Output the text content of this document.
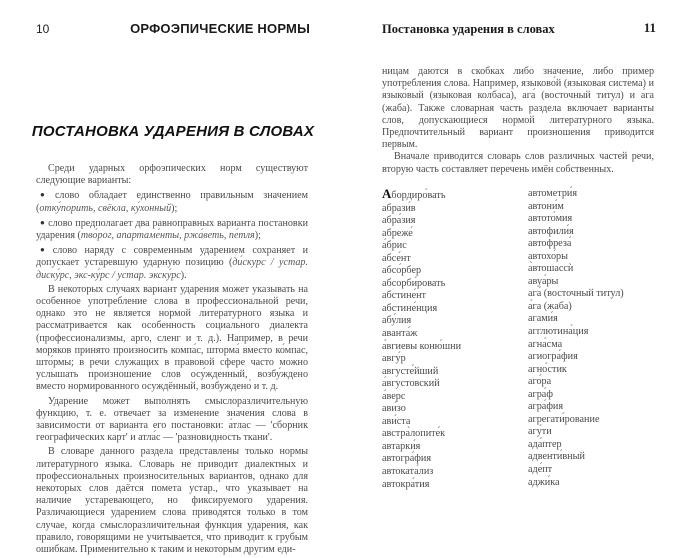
10	ОРФОЭПИЧЕСКИЕ НОРМЫ
ПОСТАНОВКА УДАРЕНИЯ В СЛОВАХ

Среди ударных орфоэпических норм существуют следующие варианты:

● слово обладает единственно правильным значением (отку́порить, свёкла, ку́хонный);

● слово предполагает два равноправных варианта постановки ударения (тво́рог, апартаме́нты, ржа́веть, пе́тля);

● слово наряду с современным ударением сохраняет и допускает устаревшую ударную позицию (ди́скурс / устар. диску́рс, экс-ку́рс / устар. экску́рс).

В некоторых случаях вариант ударения может указывать на особенное употребление слова в профессиональной речи, однако это не является нормой литературного языка и рассматривается как особенность социального диалекта (профессионализмы, арго, сленг и т. д.). Например, в речи моряков принято произносить компа́с, шторма́ вместо ко́мпас, што́рмы; в речи служащих в правовой сфере часто можно услышать произношение слов осу́жденный, возбу́ждено вместо нормированного осуждённый, возбуждено́ и т. д.

Ударение может выполнять смыслоразличительную функцию, т. е. отвечает за изменение значения слова в зависимости от варианта его постановки: а́тлас — 'сборник географических карт' и атла́с — 'разновидность ткани'.

В словаре данного раздела представлены только нормы литературного языка. Словарь не приводит диалектных и профессиональных произносительных вариантов, однако для некоторых слов даётся помета устар., что указывает на наличие устаревающего, но фиксируемого ударения. Различающиеся ударением слова приводятся только в том случае, когда смыслоразличительная функция ударения, как правило, говорящими не учитывается, что приводит к грубым ошибкам. Применительно к таким и некоторым другим еди-

Постановка ударения в словах	11

ницам даются в скобках либо значение, либо пример употребления слова. Например, языково́й (языковая система) и языко́вый (языковая колбаса), ага́ (восточный титул) и а́га (жаба). Также словарная часть раздела включает варианты слов, допускающиеся нормой литературного языка. Предпочтительный вариант произношения приводится первым.

Вначале приводится словарь слов различных частей речи, вторую часть составляет перечень имён собственных.

Абордиро́вать
абрази́в
абра́зия
абреже́
а́брис
абсе́нт
абсо́рбер
абсорби́ровать
абстине́нт
абстине́нция
абу́лия
аванта́ж
а́вгиевы коню́шни
авгу́р
августе́йший
а́вгустовский
а́верс
ави́зо
ави́ста
австра̀лопите́к
автарки́я
автогра́фия
автоката́лиз
автокра́тия
автометри́я
автони́м
автото́мия
автофили́я
автофреза́
автохо́ры
а̀втошассѝ
авуа́ры
ага́ (восточный титул)
а́га (жаба)
агами́я
агглютина́ция
агна́сма
агиогра́фия
агно́стик
аго́ра
агра́ф
агра́фия
агрегати́рование
агу́ти
ада́птер
адвенти́вный
аде́пт
аджи́ка
